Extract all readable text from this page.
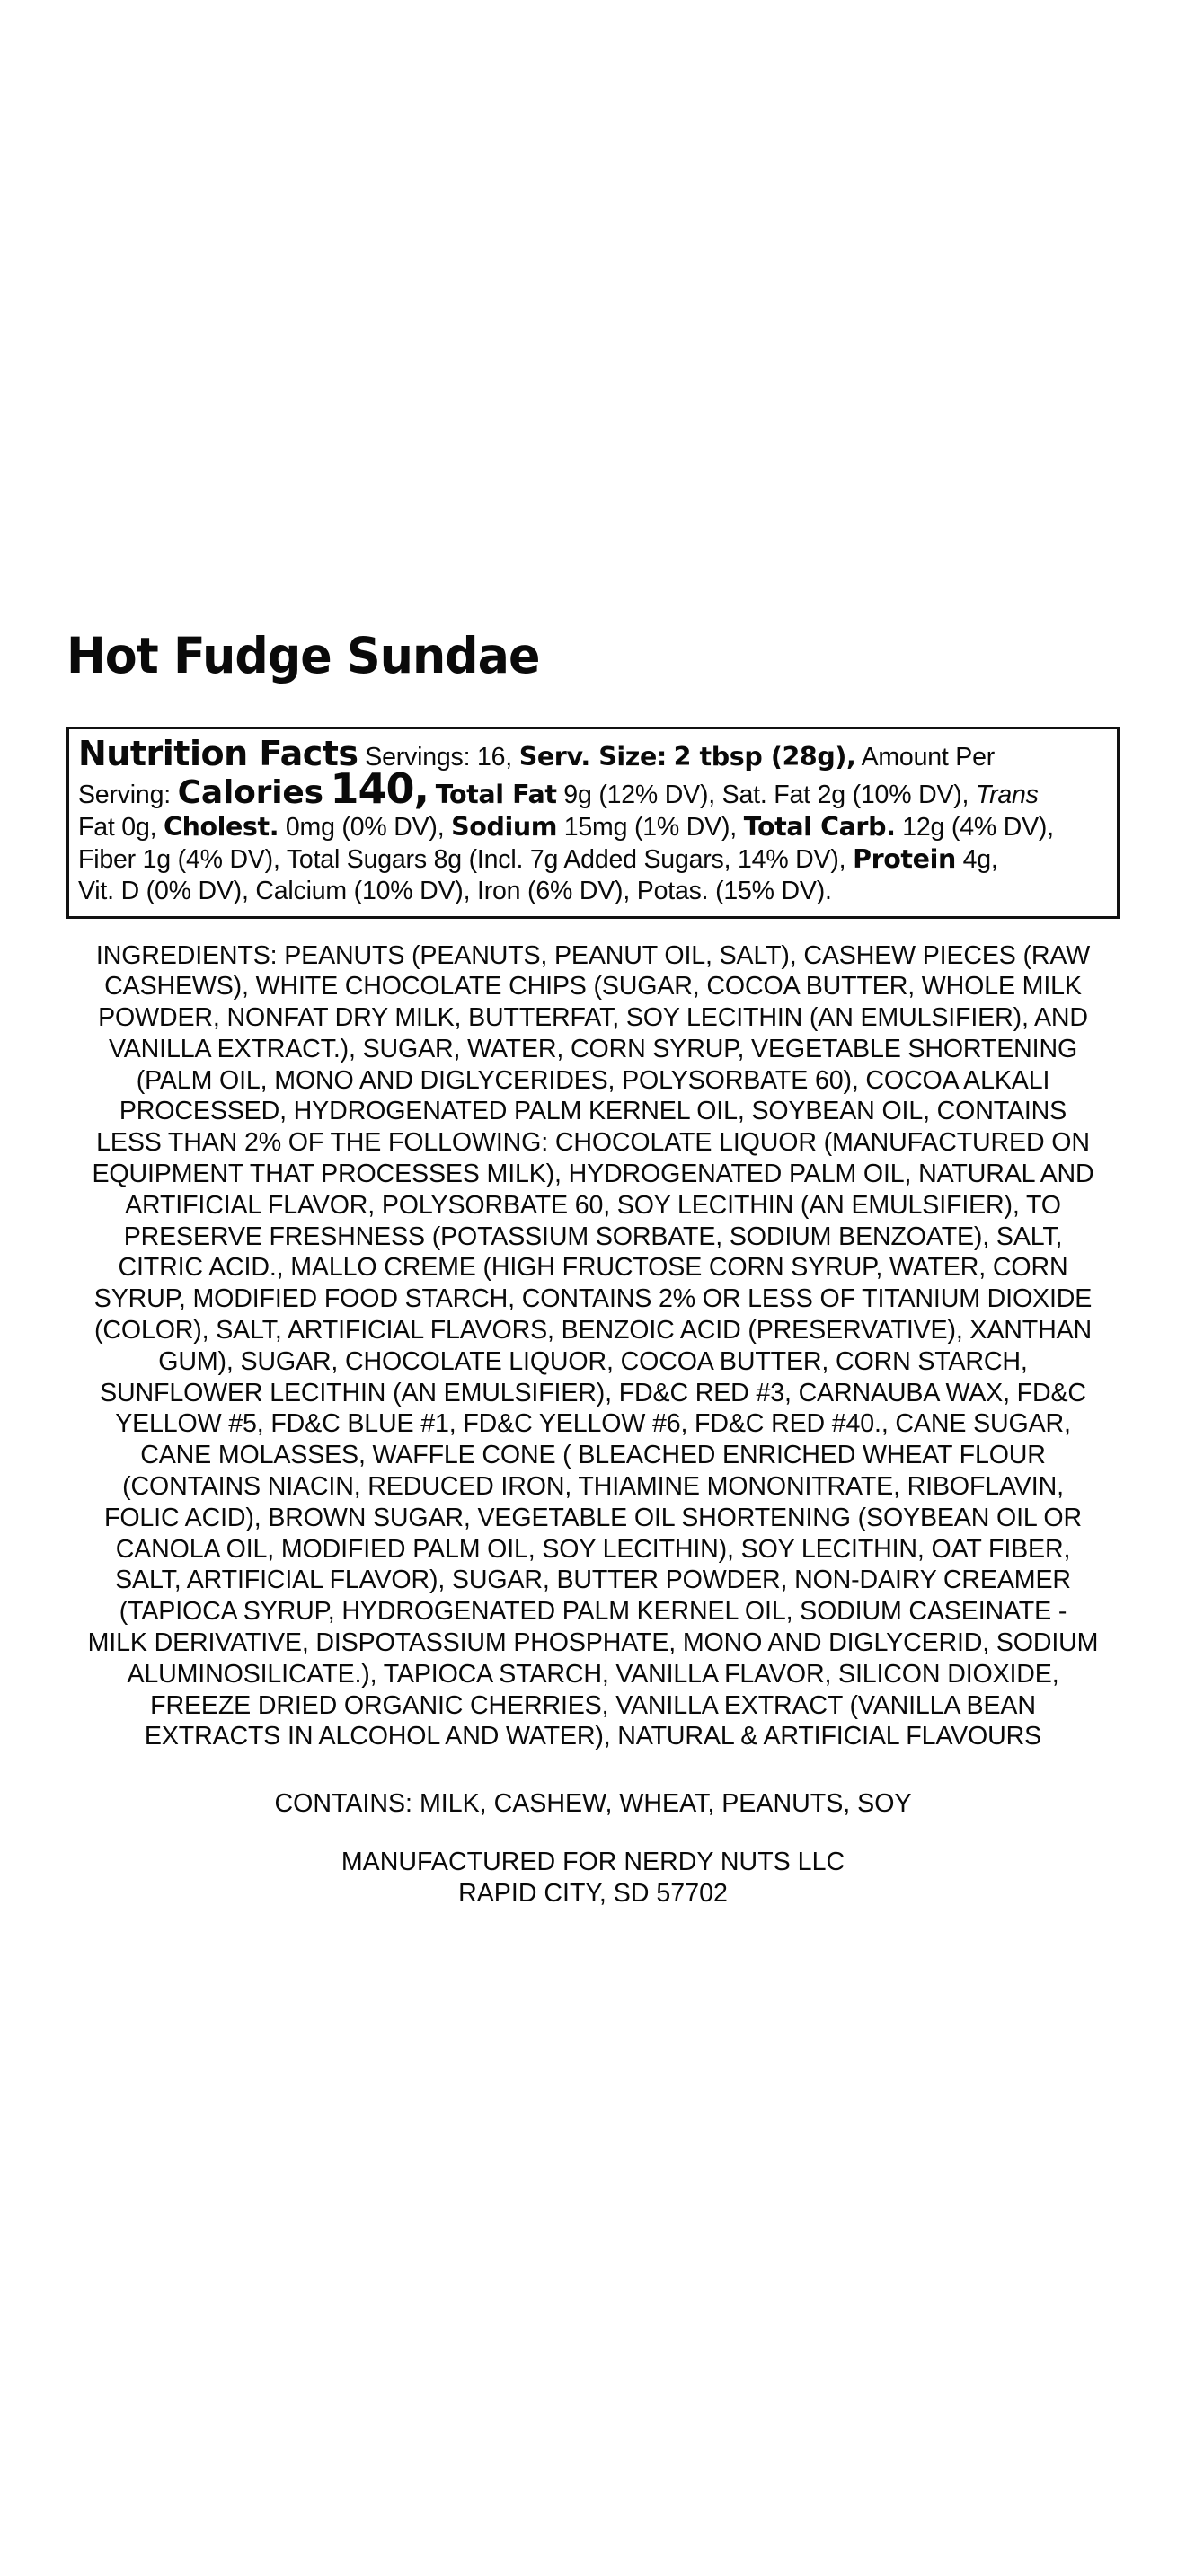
Hot Fudge Sundae
Nutrition Facts Servings: 16, Serv. Size: 2 tbsp (28g), Amount Per
Serving: Calories 140, Total Fat 9g (12% DV), Sat. Fat 2g (10% DV), Trans
Fat 0g, Cholest. 0mg (0% DV), Sodium 15mg (1% DV), Total Carb. 12g (4% DV),
Fiber 1g (4% DV), Total Sugars 8g (Incl. 7g Added Sugars, 14% DV), Protein 4g,
Vit. D (0% DV), Calcium (10% DV), Iron (6% DV), Potas. (15% DV).
INGREDIENTS: PEANUTS (PEANUTS, PEANUT OIL, SALT), CASHEW PIECES (RAW
CASHEWS), WHITE CHOCOLATE CHIPS (SUGAR, COCOA BUTTER, WHOLE MILK
POWDER, NONFAT DRY MILK, BUTTERFAT, SOY LECITHIN (AN EMULSIFIER), AND
VANILLA EXTRACT.), SUGAR, WATER, CORN SYRUP, VEGETABLE SHORTENING
(PALM OIL, MONO AND DIGLYCERIDES, POLYSORBATE 60), COCOA ALKALI
PROCESSED, HYDROGENATED PALM KERNEL OIL, SOYBEAN OIL, CONTAINS
LESS THAN 2% OF THE FOLLOWING: CHOCOLATE LIQUOR (MANUFACTURED ON
EQUIPMENT THAT PROCESSES MILK), HYDROGENATED PALM OIL, NATURAL AND
ARTIFICIAL FLAVOR, POLYSORBATE 60, SOY LECITHIN (AN EMULSIFIER), TO
PRESERVE FRESHNESS (POTASSIUM SORBATE, SODIUM BENZOATE), SALT,
CITRIC ACID., MALLO CREME (HIGH FRUCTOSE CORN SYRUP, WATER, CORN
SYRUP, MODIFIED FOOD STARCH, CONTAINS 2% OR LESS OF TITANIUM DIOXIDE
(COLOR), SALT, ARTIFICIAL FLAVORS, BENZOIC ACID (PRESERVATIVE), XANTHAN
GUM), SUGAR, CHOCOLATE LIQUOR, COCOA BUTTER, CORN STARCH,
SUNFLOWER LECITHIN (AN EMULSIFIER), FD&C RED #3, CARNAUBA WAX, FD&C
YELLOW #5, FD&C BLUE #1, FD&C YELLOW #6, FD&C RED #40., CANE SUGAR,
CANE MOLASSES, WAFFLE CONE ( BLEACHED ENRICHED WHEAT FLOUR
(CONTAINS NIACIN, REDUCED IRON, THIAMINE MONONITRATE, RIBOFLAVIN,
FOLIC ACID), BROWN SUGAR, VEGETABLE OIL SHORTENING (SOYBEAN OIL OR
CANOLA OIL, MODIFIED PALM OIL, SOY LECITHIN), SOY LECITHIN, OAT FIBER,
SALT, ARTIFICIAL FLAVOR), SUGAR, BUTTER POWDER, NON-DAIRY CREAMER
(TAPIOCA SYRUP, HYDROGENATED PALM KERNEL OIL, SODIUM CASEINATE -
MILK DERIVATIVE, DISPOTASSIUM PHOSPHATE, MONO AND DIGLYCERID, SODIUM
ALUMINOSILICATE.), TAPIOCA STARCH, VANILLA FLAVOR, SILICON DIOXIDE,
FREEZE DRIED ORGANIC CHERRIES, VANILLA EXTRACT (VANILLA BEAN
EXTRACTS IN ALCOHOL AND WATER), NATURAL & ARTIFICIAL FLAVOURS
CONTAINS: MILK, CASHEW, WHEAT, PEANUTS, SOY
MANUFACTURED FOR NERDY NUTS LLC
RAPID CITY, SD 57702
